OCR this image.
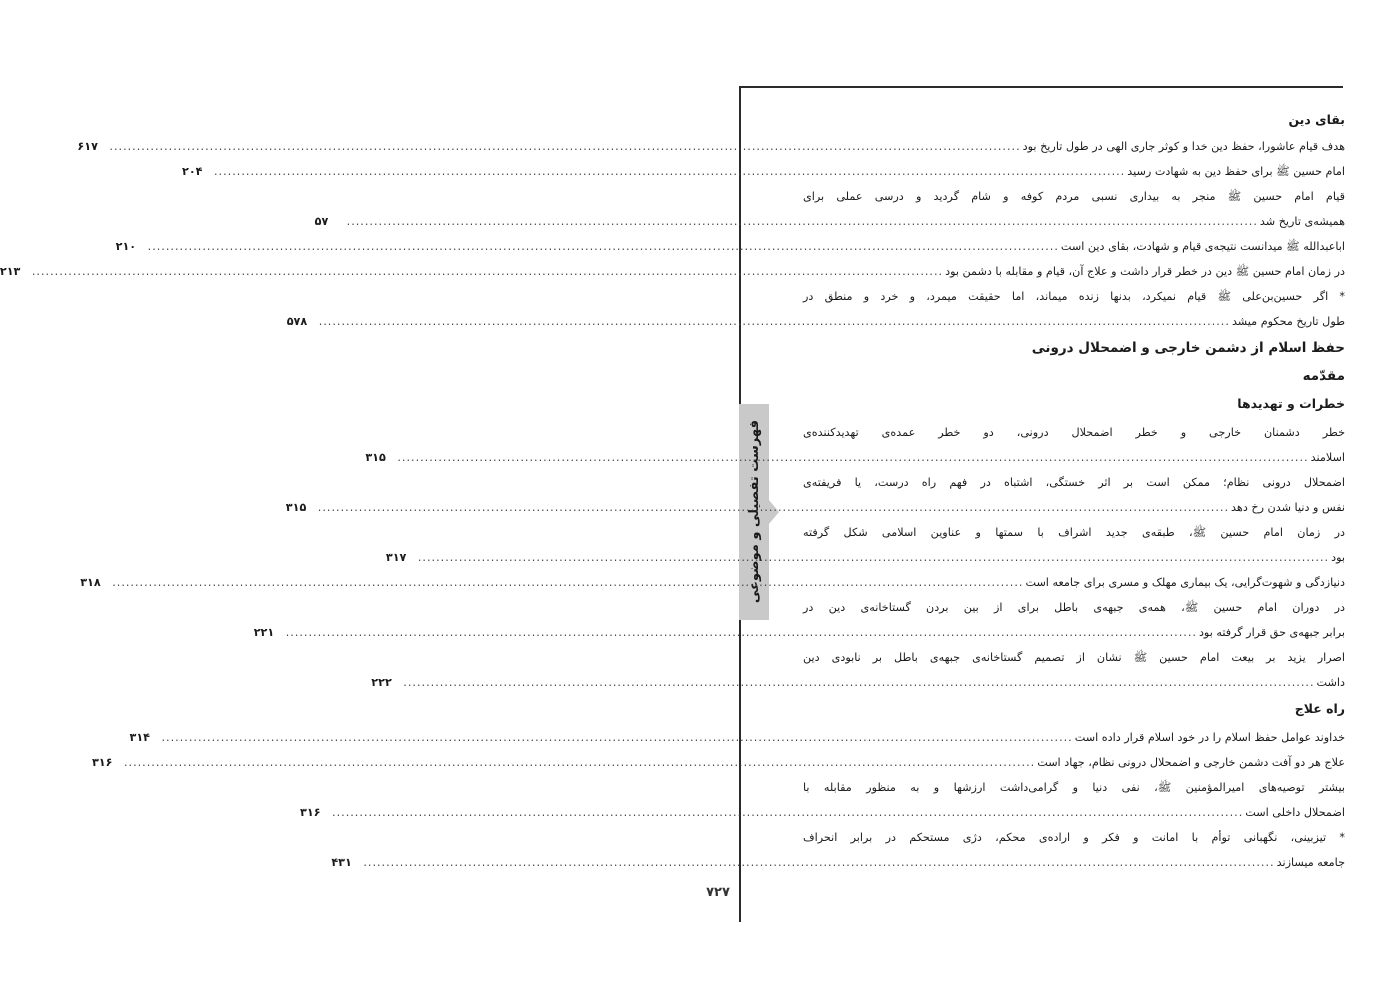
فهرست تفصیلی و موضوعی
۷۲۷
بقای دین
هدف قیام عاشورا، حفظ دین خدا و کوثر جاری الهی در طول تاریخ بود
........................................................................................................................................................................................................
۶۱۷
امام حسین ﷺ برای حفظ دین به شهادت رسید
........................................................................................................................................................................................................
۲۰۴
قیام امام حسین ﷺ منجر به بیداری نسبی مردم کوفه و شام گردید و درسی عملی برای
همیشه‌ی تاریخ شد
........................................................................................................................................................................................................
۵۷
اباعبدالله ﷺ میدانست نتیجه‌ی قیام و شهادت، بقای دین است
........................................................................................................................................................................................................
۲۱۰
در زمان امام حسین ﷺ دین در خطر قرار داشت و علاج آن، قیام و مقابله با دشمن بود
........................................................................................................................................................................................................
۲۱۳
* اگر حسین‌بن‌علی ﷺ قیام نمیکرد، بدنها زنده میماند، اما حقیقت میمرد، و خرد و منطق در
طول تاریخ محکوم میشد
........................................................................................................................................................................................................
۵۷۸
حفظ اسلام از دشمن خارجی و اضمحلال درونی
مقدّمه
خطرات و تهدیدها
خطر دشمنان خارجی و خطر اضمحلال درونی، دو خطر عمده‌ی تهدیدکننده‌ی
اسلامند
........................................................................................................................................................................................................
۳۱۵
اضمحلال درونی نظام؛ ممکن است بر اثر خستگی، اشتباه در فهم راه درست، یا فریفته‌ی
نفس و دنیا شدن رخ دهد
........................................................................................................................................................................................................
۳۱۵
در زمان امام حسین ﷺ، طبقه‌ی جدید اشراف با سمتها و عناوین اسلامی شکل گرفته
بود
........................................................................................................................................................................................................
۳۱۷
دنیازدگی و شهوت‌گرایی، یک بیماری مهلک و مسری برای جامعه است
........................................................................................................................................................................................................
۳۱۸
در دوران امام حسین ﷺ، همه‌ی جبهه‌ی باطل برای از بین بردن گستاخانه‌ی دین در
برابر جبهه‌ی حق قرار گرفته بود
........................................................................................................................................................................................................
۲۲۱
اصرار یزید بر بیعت امام حسین ﷺ نشان از تصمیم گستاخانه‌ی جبهه‌ی باطل بر نابودی دین
داشت
........................................................................................................................................................................................................
۲۲۲
راه علاج
خداوند عوامل حفظ اسلام را در خود اسلام قرار داده است
........................................................................................................................................................................................................
۳۱۴
علاج هر دو آفت دشمن خارجی و اضمحلال درونی نظام، جهاد است
........................................................................................................................................................................................................
۳۱۶
بیشتر توصیه‌های امیرالمؤمنین ﷺ، نفی دنیا و گرامی‌داشت ارزشها و به منظور مقابله با
اضمحلال داخلی است
........................................................................................................................................................................................................
۳۱۶
* تیزبینی، نگهبانی توأم با امانت و فکر و اراده‌ی محکم، دژی مستحکم در برابر انحراف
جامعه میسازند
........................................................................................................................................................................................................
۴۳۱
